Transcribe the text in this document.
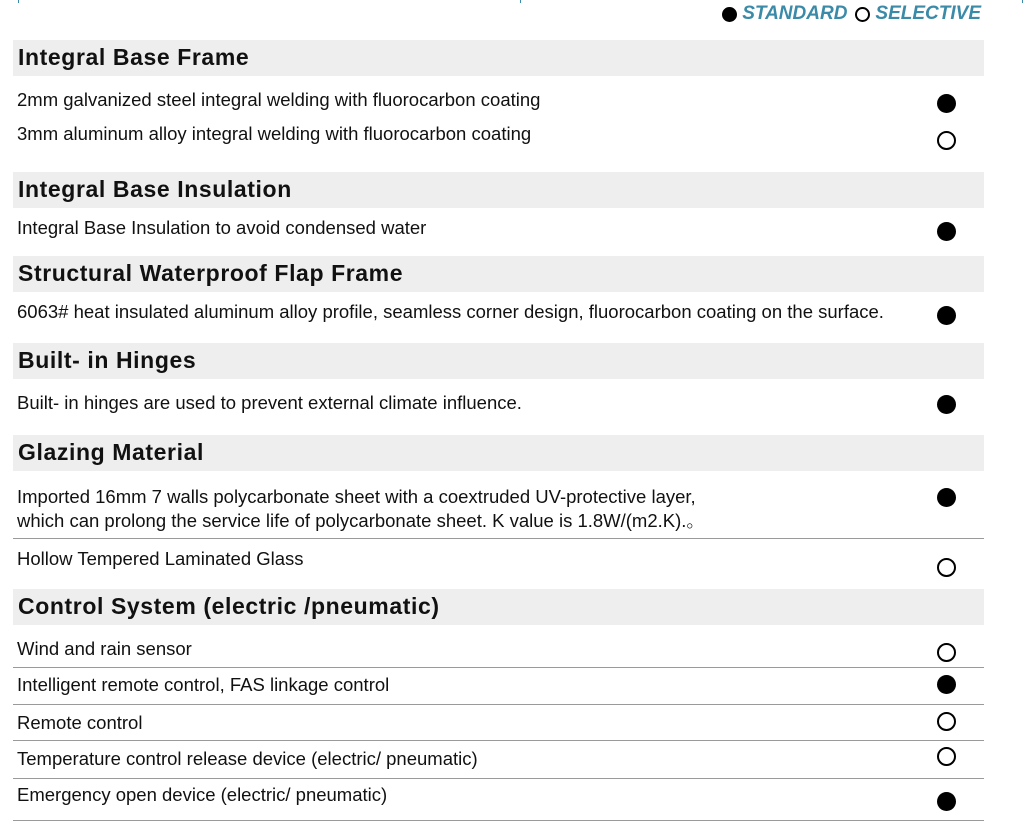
STANDARD SELECTIVE
Integral Base Frame
2mm galvanized steel integral welding with fluorocarbon coating
3mm aluminum alloy integral welding with fluorocarbon coating
Integral Base Insulation
Integral Base Insulation to avoid condensed water
Structural Waterproof Flap Frame
6063# heat insulated aluminum alloy profile, seamless corner design, fluorocarbon coating on the surface.
Built- in Hinges
Built- in hinges are used to prevent external climate influence.
Glazing Material
Imported 16mm 7 walls polycarbonate sheet with a coextruded UV-protective layer,
which can prolong the service life of polycarbonate sheet. K value is 1.8W/(m2.K).。
Hollow Tempered Laminated Glass
Control System (electric /pneumatic)
Wind and rain sensor
Intelligent remote control, FAS linkage control
Remote control
Temperature control release device (electric/ pneumatic)
Emergency open device (electric/ pneumatic)
